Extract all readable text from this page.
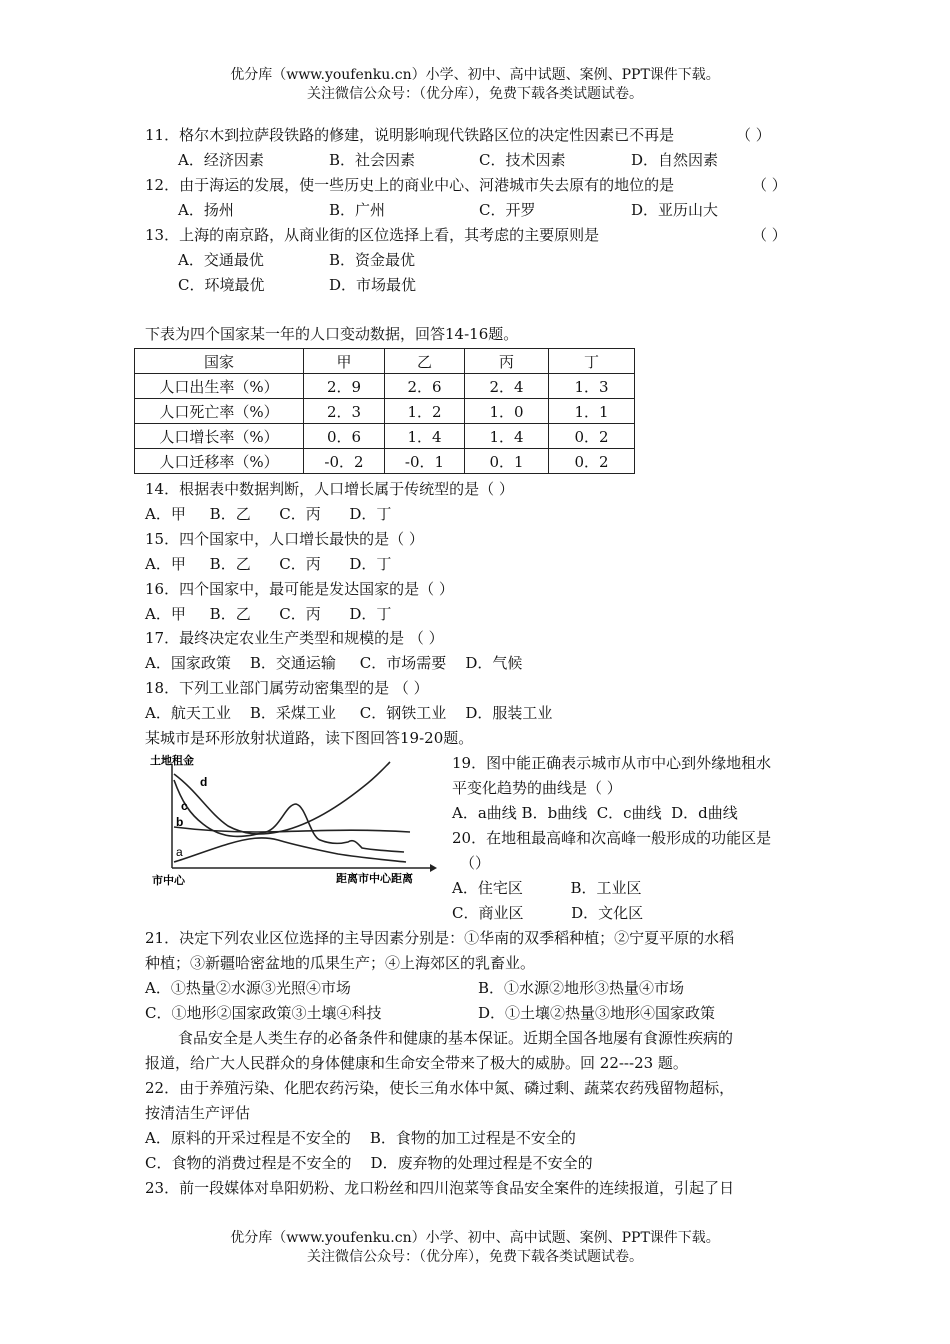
优分库（www.youfenku.cn）小学、初中、高中试题、案例、PPT课件下载。
关注微信公众号：（优分库），免费下载各类试题试卷。
11．格尔木到拉萨段铁路的修建，说明影响现代铁路区位的决定性因素已不再是	（ ）
A．经济因素	B．社会因素	C．技术因素	D．自然因素
12．由于海运的发展，使一些历史上的商业中心、河港城市失去原有的地位的是	（ ）
A．扬州	B．广州	C．开罗	D．亚历山大
13．上海的南京路，从商业街的区位选择上看，其考虑的主要原则是	（ ）
A．交通最优	B．资金最优
C．环境最优	D．市场最优
下表为四个国家某一年的人口变动数据，回答14-16题。
国家	甲	乙	丙	丁
人口出生率（%）	2．9	2．6	2．4	1．3
人口死亡率（%）	2．3	1．2	1．0	1．1
人口增长率（%）	0．6	1．4	1．4	0．2
人口迁移率（%）	-0．2	-0．1	0．1	0．2
14．根据表中数据判断，人口增长属于传统型的是（ ）
A．甲     B．乙      C．丙      D．丁
15．四个国家中，人口增长最快的是（ ）
A．甲     B．乙      C．丙      D．丁
16．四个国家中，最可能是发达国家的是（ ）
A．甲     B．乙      C．丙      D．丁
17．最终决定农业生产类型和规模的是 （ ）
A．国家政策    B．交通运输     C．市场需要    D．气候
18．下列工业部门属劳动密集型的是 （ ）
A．航天工业    B．采煤工业     C．钢铁工业    D．服装工业
某城市是环形放射状道路，读下图回答19-20题。
土地租金
市中心	距离市中心距离
a
b
c
d
19．图中能正确表示城市从市中心到外缘地租水
平变化趋势的曲线是（ ）
A．a曲线 B．b曲线  C．c曲线  D．d曲线
20．在地租最高峰和次高峰一般形成的功能区是
（）
A．住宅区          B．工业区
C．商业区          D．文化区
21．决定下列农业区位选择的主导因素分别是：①华南的双季稻种植；②宁夏平原的水稻
种植；③新疆哈密盆地的瓜果生产；④上海郊区的乳畜业。
A．①热量②水源③光照④市场	B．①水源②地形③热量④市场
C．①地形②国家政策③土壤④科技	D．①土壤②热量③地形④国家政策
食品安全是人类生存的必备条件和健康的基本保证。近期全国各地屡有食源性疾病的
报道，给广大人民群众的身体健康和生命安全带来了极大的威胁。回 22---23 题。
22．由于养殖污染、化肥农药污染，使长三角水体中氮、磷过剩、蔬菜农药残留物超标，
按清洁生产评估
A．原料的开采过程是不安全的    B．食物的加工过程是不安全的
C．食物的消费过程是不安全的    D．废弃物的处理过程是不安全的
23．前一段媒体对阜阳奶粉、龙口粉丝和四川泡菜等食品安全案件的连续报道，引起了日
优分库（www.youfenku.cn）小学、初中、高中试题、案例、PPT课件下载。
关注微信公众号：（优分库），免费下载各类试题试卷。
